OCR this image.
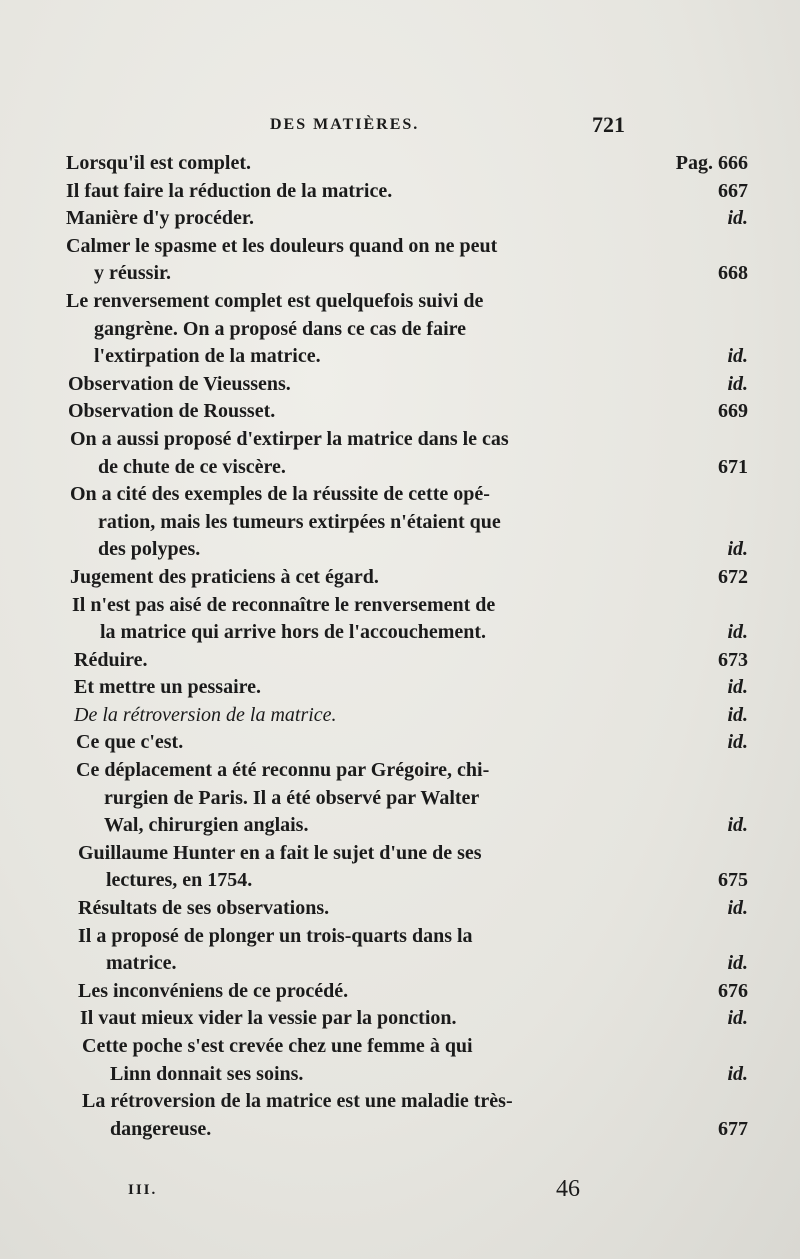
DES MATIÈRES.	721
Lorsqu'il est complet.	Pag. 666
Il faut faire la réduction de la matrice.	667
Manière d'y procéder.	id.
Calmer le spasme et les douleurs quand on ne peut
y réussir.	668
Le renversement complet est quelquefois suivi de
gangrène. On a proposé dans ce cas de faire
l'extirpation de la matrice.	id.
Observation de Vieussens.	id.
Observation de Rousset.	669
On a aussi proposé d'extirper la matrice dans le cas
de chute de ce viscère.	671
On a cité des exemples de la réussite de cette opé-
ration, mais les tumeurs extirpées n'étaient que
des polypes.	id.
Jugement des praticiens à cet égard.	672
Il n'est pas aisé de reconnaître le renversement de
la matrice qui arrive hors de l'accouchement.	id.
Réduire.	673
Et mettre un pessaire.	id.
De la rétroversion de la matrice.	id.
Ce que c'est.	id.
Ce déplacement a été reconnu par Grégoire, chi-
rurgien de Paris. Il a été observé par Walter
Wal, chirurgien anglais.	id.
Guillaume Hunter en a fait le sujet d'une de ses
lectures, en 1754.	675
Résultats de ses observations.	id.
Il a proposé de plonger un trois-quarts dans la
matrice.	id.
Les inconvéniens de ce procédé.	676
Il vaut mieux vider la vessie par la ponction.	id.
Cette poche s'est crevée chez une femme à qui
Linn donnait ses soins.	id.
La rétroversion de la matrice est une maladie très-
dangereuse.	677
III.	46
